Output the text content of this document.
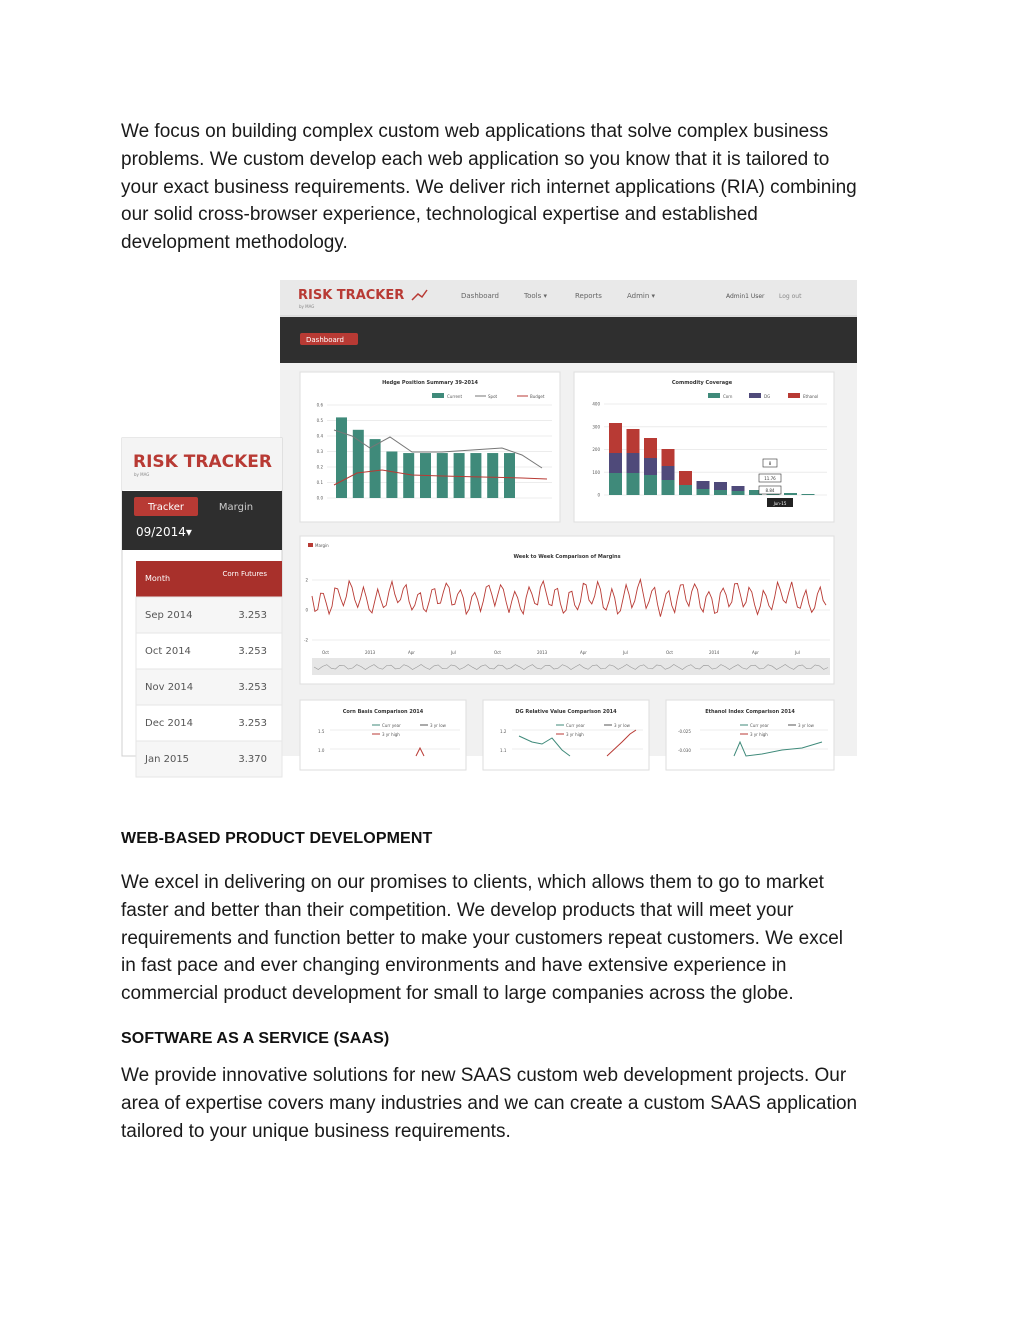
We focus on building complex custom web applications that solve complex business
problems. We custom develop each web application so you know that it is tailored to
your exact business requirements. We deliver rich internet applications (RIA) combining
our solid cross-browser experience, technological expertise and established
development methodology.
RISK TRACKER
by MAG
Dashboard	Tools ▾	Reports	Admin ▾	Admin1 User Log out
Dashboard
Hedge Position Summary 39-2014
Current	Spot	Budget
0.6
0.5
0.4
0.3
0.2
0.1
0.0
Commodity Coverage
Corn	DG	Ethanol
400
300
200
100
0
8
11.76
8.84
Jun-15
Margin
Week to Week Comparison of Margins
2
0
-2
Oct	2013	Apr	Jul	Oct	2013	Apr	Jul	Oct	2014	Apr	Jul
Corn Basis Comparison 2014
Curr year	3 yr low
3 yr high
1.5
1.0
DG Relative Value Comparison 2014
Curr year	3 yr low
3 yr high
1.2
1.1
Ethanol Index Comparison 2014
Curr year	3 yr low
3 yr high
-0.025
-0.030
RISK TRACKER
by MAG
Tracker	Margin
09/2014▾
Month	Corn Futures
Sep 2014	3.253
Oct 2014	3.253
Nov 2014	3.253
Dec 2014	3.253
Jan 2015	3.370
WEB-BASED PRODUCT DEVELOPMENT
We excel in delivering on our promises to clients, which allows them to go to market
faster and better than their competition. We develop products that will meet your
requirements and function better to make your customers repeat customers. We excel
in fast pace and ever changing environments and have extensive experience in
commercial product development for small to large companies across the globe.
SOFTWARE AS A SERVICE (SAAS)
We provide innovative solutions for new SAAS custom web development projects. Our
area of expertise covers many industries and we can create a custom SAAS application
tailored to your unique business requirements.
